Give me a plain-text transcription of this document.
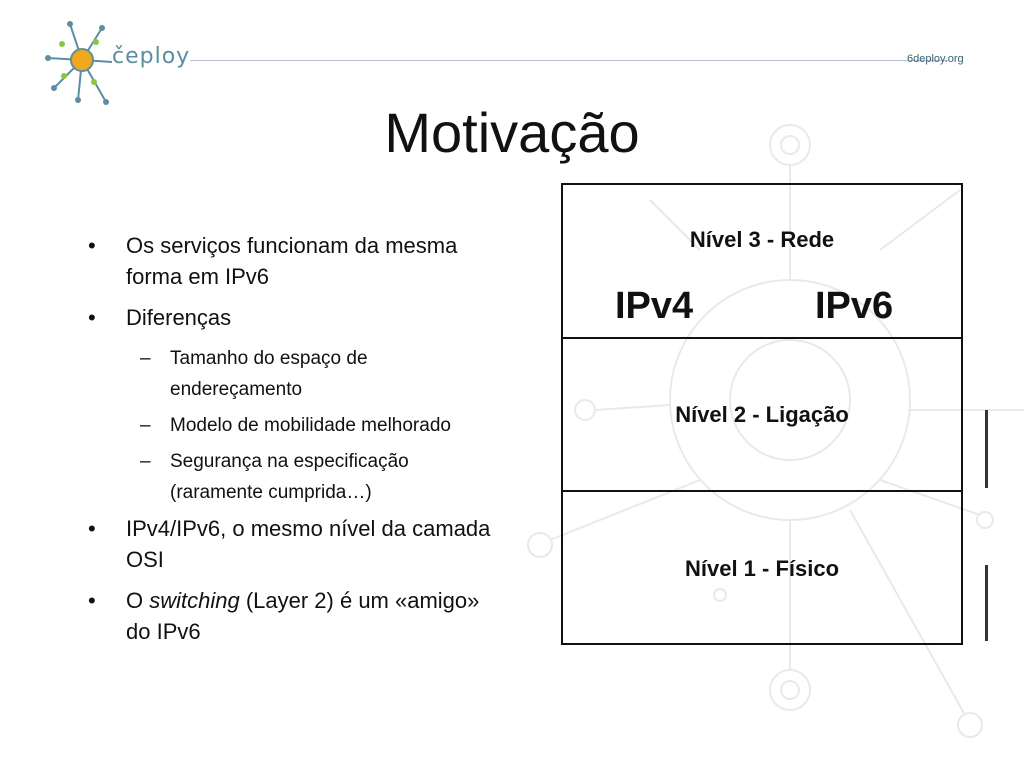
čeploy	6deploy.org
Motivação
• Os serviços funcionam da mesma forma em IPv6
• Diferenças
– Tamanho do espaço de endereçamento
– Modelo de mobilidade melhorado
– Segurança na especificação (raramente cumprida…)
• IPv4/IPv6, o mesmo nível da camada OSI
• O switching (Layer 2) é um «amigo» do IPv6
Nível 3 - Rede
IPv4	IPv6
Nível 2 - Ligação
Nível 1 - Físico
